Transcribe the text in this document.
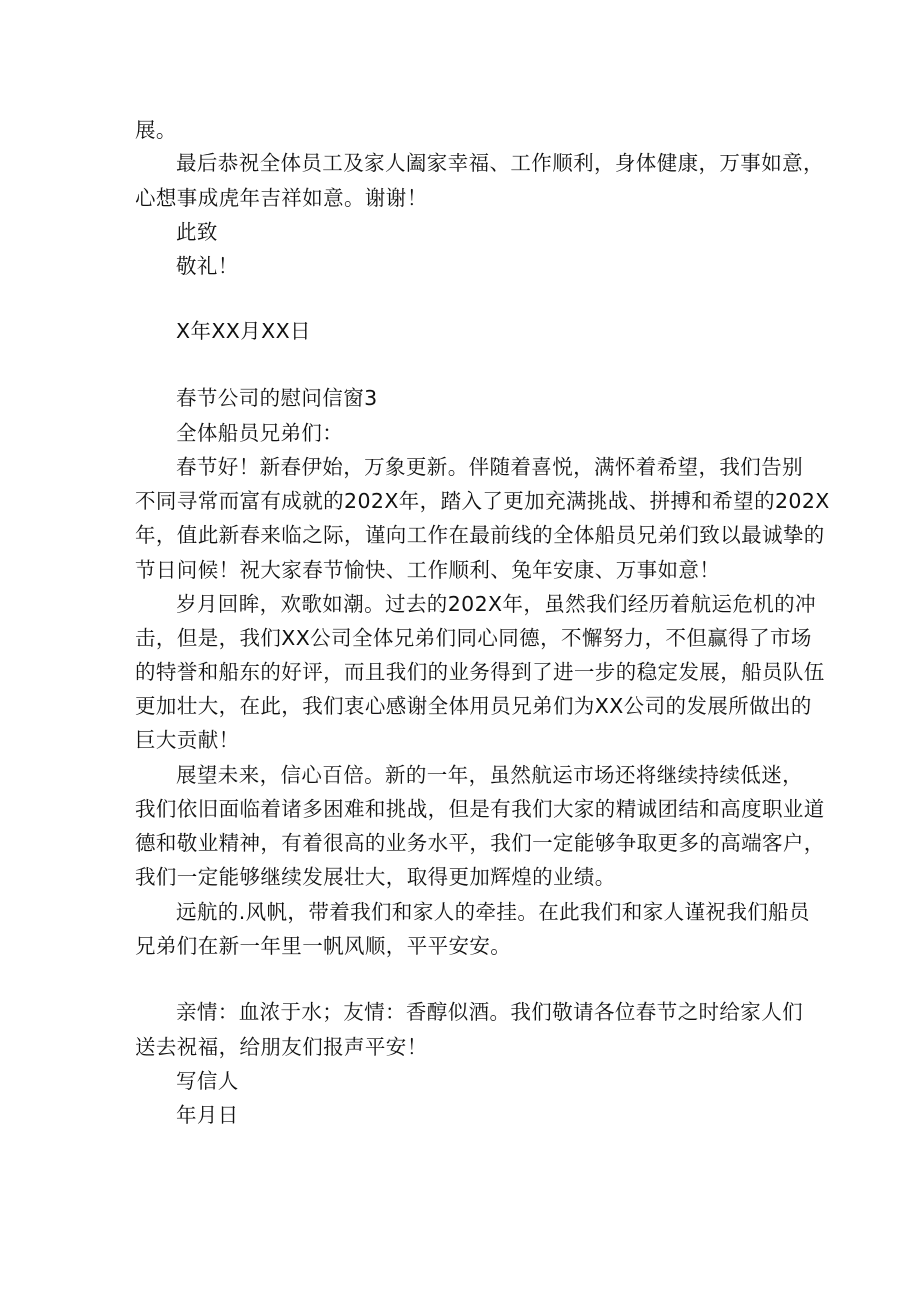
展。
最后恭祝全体员工及家人阖家幸福、工作顺利，身体健康，万事如意，
心想事成虎年吉祥如意。谢谢！
此致
敬礼！
X年XX月XX日
春节公司的慰问信窗3
全体船员兄弟们：
春节好！新春伊始，万象更新。伴随着喜悦，满怀着希望，我们告别
不同寻常而富有成就的202X年，踏入了更加充满挑战、拼搏和希望的202X
年，值此新春来临之际，谨向工作在最前线的全体船员兄弟们致以最诚挚的
节日问候！祝大家春节愉快、工作顺利、兔年安康、万事如意！
岁月回眸，欢歌如潮。过去的202X年，虽然我们经历着航运危机的冲
击，但是，我们XX公司全体兄弟们同心同德，不懈努力，不但赢得了市场
的特誉和船东的好评，而且我们的业务得到了进一步的稳定发展，船员队伍
更加壮大，在此，我们衷心感谢全体用员兄弟们为XX公司的发展所做出的
巨大贡献！
展望未来，信心百倍。新的一年，虽然航运市场还将继续持续低迷，
我们依旧面临着诸多困难和挑战，但是有我们大家的精诚团结和高度职业道
德和敬业精神，有着很高的业务水平，我们一定能够争取更多的高端客户，
我们一定能够继续发展壮大，取得更加辉煌的业绩。
远航的.风帆，带着我们和家人的牵挂。在此我们和家人谨祝我们船员
兄弟们在新一年里一帆风顺，平平安安。
亲情：血浓于水；友情：香醇似酒。我们敬请各位春节之时给家人们
送去祝福，给朋友们报声平安！
写信人
年月日
